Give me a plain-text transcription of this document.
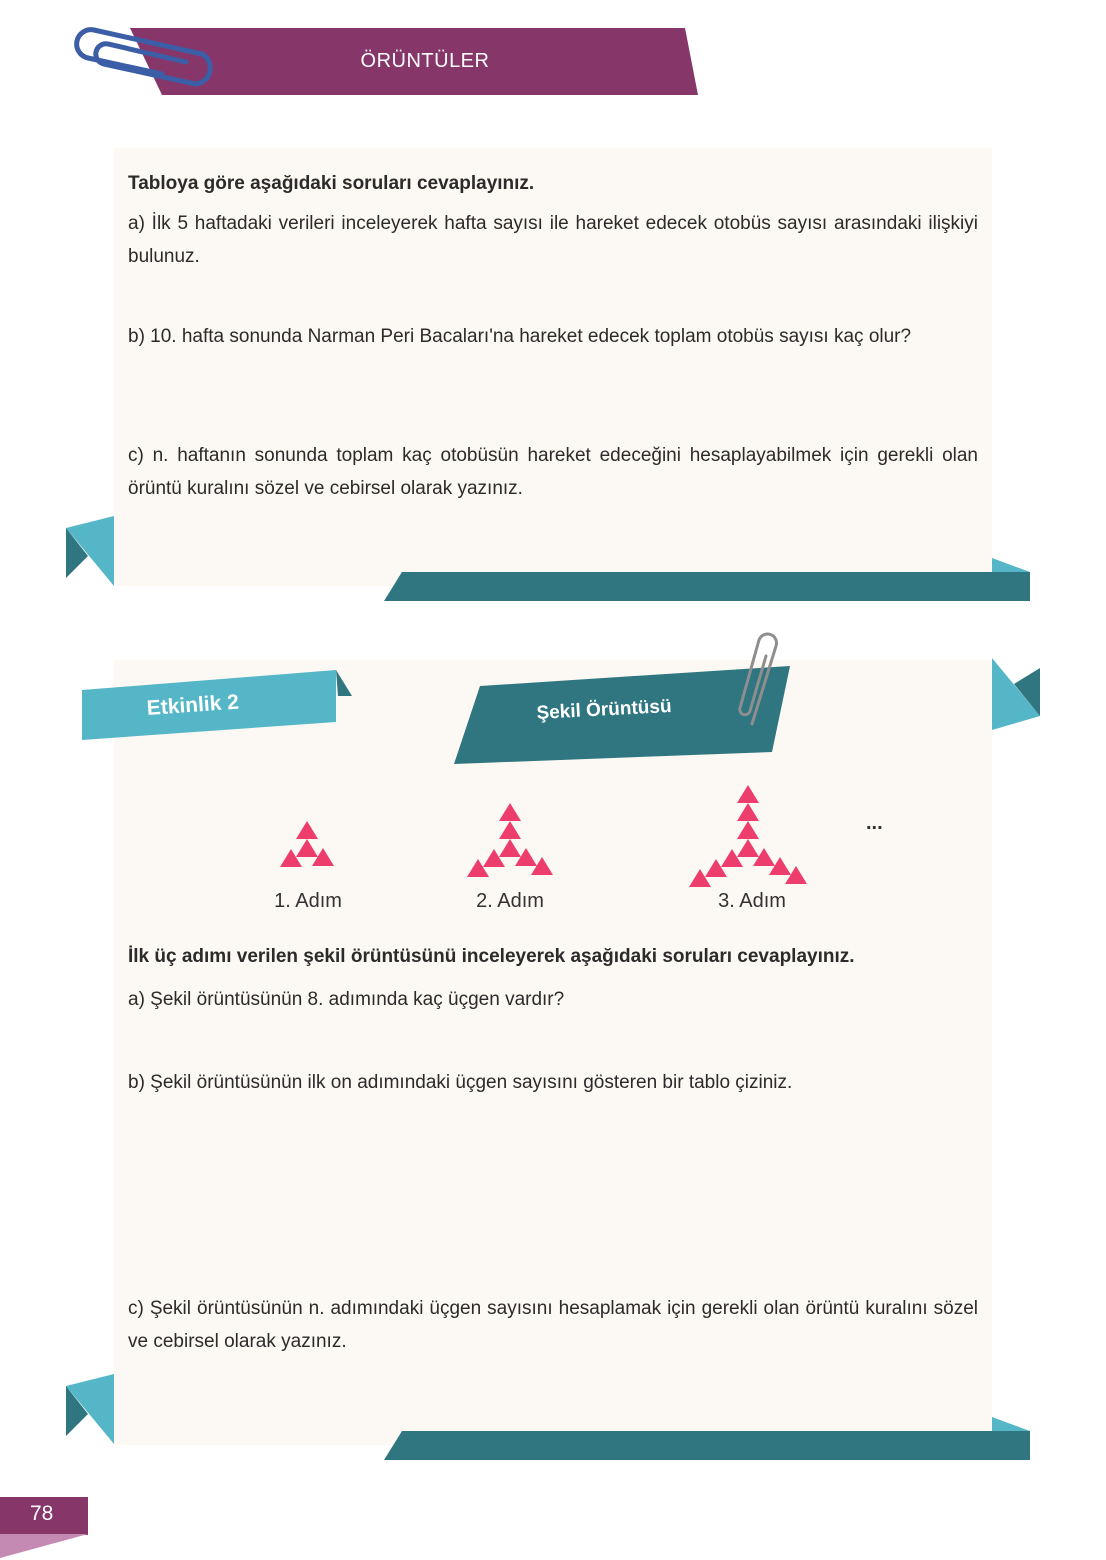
ÖRÜNTÜLER
Tabloya göre aşağıdaki soruları cevaplayınız.
a) İlk 5 haftadaki verileri inceleyerek hafta sayısı ile hareket edecek otobüs sayısı arasındaki ilişkiyi bulunuz.
b) 10. hafta sonunda Narman Peri Bacaları'na hareket edecek toplam otobüs sayısı kaç olur?
c) n. haftanın sonunda toplam kaç otobüsün hareket edeceğini hesaplayabilmek için gerekli olan örüntü kuralını sözel ve cebirsel olarak yazınız.
Etkinlik 2	Şekil Örüntüsü
1. Adım	2. Adım	3. Adım
...
İlk üç adımı verilen şekil örüntüsünü inceleyerek aşağıdaki soruları cevaplayınız.
a) Şekil örüntüsünün 8. adımında kaç üçgen vardır?
b) Şekil örüntüsünün ilk on adımındaki üçgen sayısını gösteren bir tablo çiziniz.
c) Şekil örüntüsünün n. adımındaki üçgen sayısını hesaplamak için gerekli olan örüntü kuralını sözel ve cebirsel olarak yazınız.
78
